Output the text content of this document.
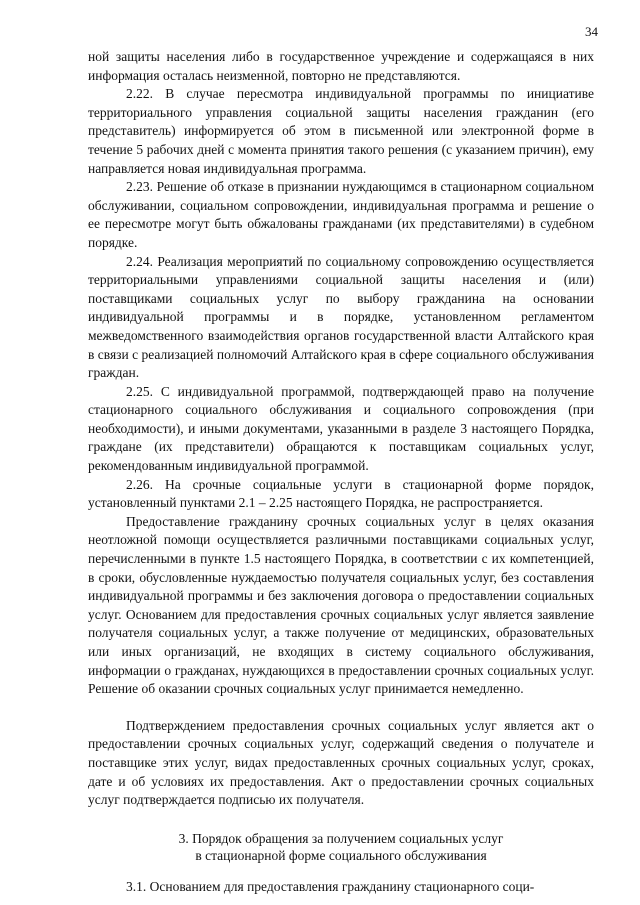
34

ной защиты населения либо в государственное учреждение и содержащаяся в них информация осталась неизменной, повторно не представляются.

2.22. В случае пересмотра индивидуальной программы по инициативе территориального управления социальной защиты населения гражданин (его представитель) информируется об этом в письменной или электронной форме в течение 5 рабочих дней с момента принятия такого решения (с указанием причин), ему направляется новая индивидуальная программа.

2.23. Решение об отказе в признании нуждающимся в стационарном социальном обслуживании, социальном сопровождении, индивидуальная программа и решение о ее пересмотре могут быть обжалованы гражданами (их представителями) в судебном порядке.

2.24. Реализация мероприятий по социальному сопровождению осуществляется территориальными управлениями социальной защиты населения и (или) поставщиками социальных услуг по выбору гражданина на основании индивидуальной программы и в порядке, установленном регламентом межведомственного взаимодействия органов государственной власти Алтайского края в связи с реализацией полномочий Алтайского края в сфере социального обслуживания граждан.

2.25. С индивидуальной программой, подтверждающей право на получение стационарного социального обслуживания и социального сопровождения (при необходимости), и иными документами, указанными в разделе 3 настоящего Порядка, граждане (их представители) обращаются к поставщикам социальных услуг, рекомендованным индивидуальной программой.

2.26. На срочные социальные услуги в стационарной форме порядок, установленный пунктами 2.1 – 2.25 настоящего Порядка, не распространяется.

Предоставление гражданину срочных социальных услуг в целях оказания неотложной помощи осуществляется различными поставщиками социальных услуг, перечисленными в пункте 1.5 настоящего Порядка, в соответствии с их компетенцией, в сроки, обусловленные нуждаемостью получателя социальных услуг, без составления индивидуальной программы и без заключения договора о предоставлении социальных услуг. Основанием для предоставления срочных социальных услуг является заявление получателя социальных услуг, а также получение от медицинских, образовательных или иных организаций, не входящих в систему социального обслуживания, информации о гражданах, нуждающихся в предоставлении срочных социальных услуг. Решение об оказании срочных социальных услуг принимается немедленно.

Подтверждением предоставления срочных социальных услуг является акт о предоставлении срочных социальных услуг, содержащий сведения о получателе и поставщике этих услуг, видах предоставленных срочных социальных услуг, сроках, дате и об условиях их предоставления. Акт о предоставлении срочных социальных услуг подтверждается подписью их получателя.

3. Порядок обращения за получением социальных услуг
в стационарной форме социального обслуживания

3.1. Основанием для предоставления гражданину стационарного соци-
